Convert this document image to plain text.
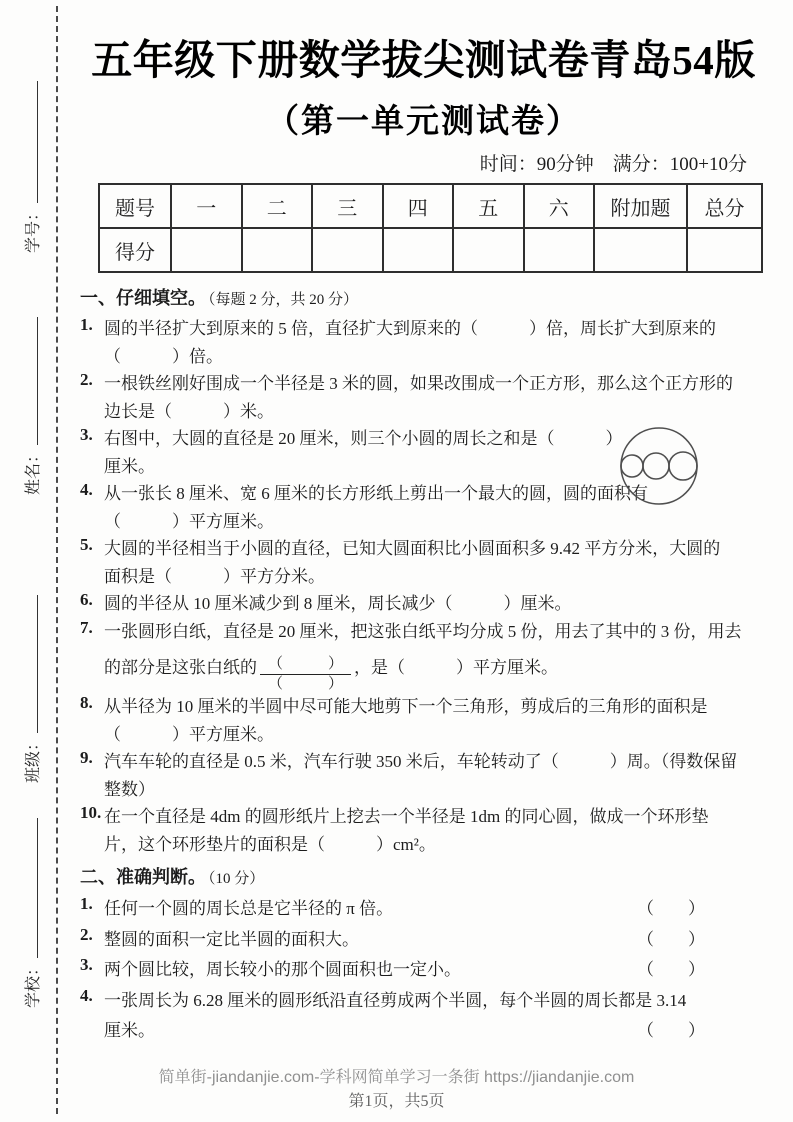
学号：
姓名：
班级：
学校：
五年级下册数学拔尖测试卷青岛54版
（第一单元测试卷）
时间：90分钟　满分：100+10分
题号	一	二	三	四	五	六	附加题	总分
得分								
一、仔细填空。 （每题 2 分，共 20 分）
1. 圆的半径扩大到原来的 5 倍，直径扩大到原来的（　　　）倍，周长扩大到原来的
（　　　）倍。
2. 一根铁丝刚好围成一个半径是 3 米的圆，如果改围成一个正方形，那么这个正方形的
边长是（　　　）米。
3. 右图中，大圆的直径是 20 厘米，则三个小圆的周长之和是（　　　）
厘米。
4. 从一张长 8 厘米、宽 6 厘米的长方形纸上剪出一个最大的圆，圆的面积有
（　　　）平方厘米。
5. 大圆的半径相当于小圆的直径，已知大圆面积比小圆面积多 9.42 平方分米，大圆的
面积是（　　　）平方分米。
6. 圆的半径从 10 厘米减少到 8 厘米，周长减少（　　　）厘米。
7. 一张圆形白纸，直径是 20 厘米，把这张白纸平均分成 5 份，用去了其中的 3 份，用去
的部分是这张白纸的 $\frac{( )}{( )}$ ，是（　　　）平方厘米。
8. 从半径为 10 厘米的半圆中尽可能大地剪下一个三角形，剪成后的三角形的面积是
（　　　）平方厘米。
9. 汽车车轮的直径是 0.5 米，汽车行驶 350 米后，车轮转动了（　　　）周。（得数保留
整数）
10. 在一个直径是 4dm 的圆形纸片上挖去一个半径是 1dm 的同心圆，做成一个环形垫
片，这个环形垫片的面积是（　　　）cm²。
二、准确判断。 （10 分）
1. 任何一个圆的周长总是它半径的 π 倍。	（　　）
2. 整圆的面积一定比半圆的面积大。	（　　）
3. 两个圆比较，周长较小的那个圆面积也一定小。	（　　）
4. 一张周长为 6.28 厘米的圆形纸沿直径剪成两个半圆，每个半圆的周长都是 3.14
厘米。	（　　）
简单街-jiandanjie.com-学科网简单学习一条街 https://jiandanjie.com
第1页，共5页
